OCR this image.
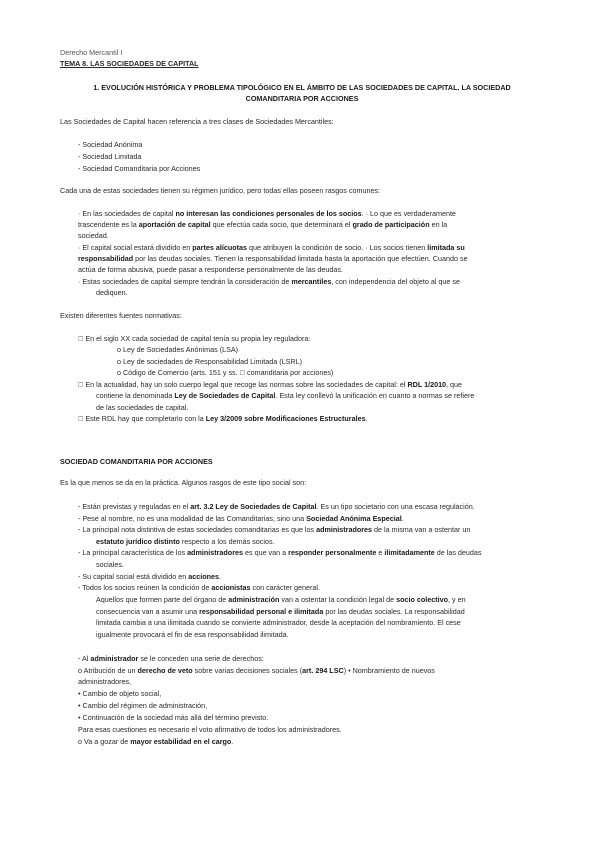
Derecho Mercantil I
TEMA 8. LAS SOCIEDADES DE CAPITAL
1. EVOLUCIÓN HISTÓRICA Y PROBLEMA TIPOLÓGICO EN EL ÁMBITO DE LAS SOCIEDADES DE CAPITAL. LA SOCIEDAD
COMANDITARIA POR ACCIONES
Las Sociedades de Capital hacen referencia a tres clases de Sociedades Mercantiles:
- Sociedad Anónima
- Sociedad Limitada
- Sociedad Comanditaria por Acciones
Cada una de estas sociedades tienen su régimen jurídico, pero todas ellas poseen rasgos comunes:
· En las sociedades de capital no interesan las condiciones personales de los socios. · Lo que es verdaderamente
trascendente es la aportación de capital que efectúa cada socio, que determinará el grado de participación en la
sociedad.
· El capital social estará dividido en partes alícuotas que atribuyen la condición de socio. · Los socios tienen limitada su
responsabilidad por las deudas sociales. Tienen la responsabilidad limitada hasta la aportación que efectúen. Cuando se
actúa de forma abusiva, puede pasar a responderse personalmente de las deudas.
· Estas sociedades de capital siempre tendrán la consideración de mercantiles, con independencia del objeto al que se
dediquen.
Existen diferentes fuentes normativas:
En el siglo XX cada sociedad de capital tenía su propia ley reguladora:
o Ley de Sociedades Anónimas (LSA)
o Ley de sociedades de Responsabilidad Limitada (LSRL)
o Código de Comercio (arts. 151 y ss. comanditaria por acciones)
En la actualidad, hay un solo cuerpo legal que recoge las normas sobre las sociedades de capital: el RDL 1/2010, que
contiene la denominada Ley de Sociedades de Capital. Esta ley conllevó la unificación en cuanto a normas se refiere
de las sociedades de capital.
Este RDL hay que completarlo con la Ley 3/2009 sobre Modificaciones Estructurales.
SOCIEDAD COMANDITARIA POR ACCIONES
Es la que menos se da en la práctica. Algunos rasgos de este tipo social son:
- Están previstas y reguladas en el art. 3.2 Ley de Sociedades de Capital. Es un tipo societario con una escasa regulación.
- Pese al nombre, no es una modalidad de las Comanditarias, sino una Sociedad Anónima Especial.
- La principal nota distintiva de estas sociedades comanditarias es que los administradores de la misma van a ostentar un
estatuto jurídico distinto respecto a los demás socios.
- La principal característica de los administradores es que van a responder personalmente e ilimitadamente de las deudas
sociales.
- Su capital social está dividido en acciones.
- Todos los socios reúnen la condición de accionistas con carácter general.
Aquellos que formen parte del órgano de administración van a ostentar la condición legal de socio colectivo, y en
consecuencia van a asumir una responsabilidad personal e ilimitada por las deudas sociales. La responsabilidad
limitada cambia a una ilimitada cuando se convierte administrador, desde la aceptación del nombramiento. El cese
igualmente provocará el fin de esa responsabilidad ilimitada.
- Al administrador se le conceden una serie de derechos:
o Atribución de un derecho de veto sobre varias decisiones sociales (art. 294 LSC) • Nombramiento de nuevos
administradores,
• Cambio de objeto social,
• Cambio del régimen de administración,
• Continuación de la sociedad más allá del término previsto.
Para esas cuestiones es necesario el voto afirmativo de todos los administradores.
o Va a gozar de mayor estabilidad en el cargo.
